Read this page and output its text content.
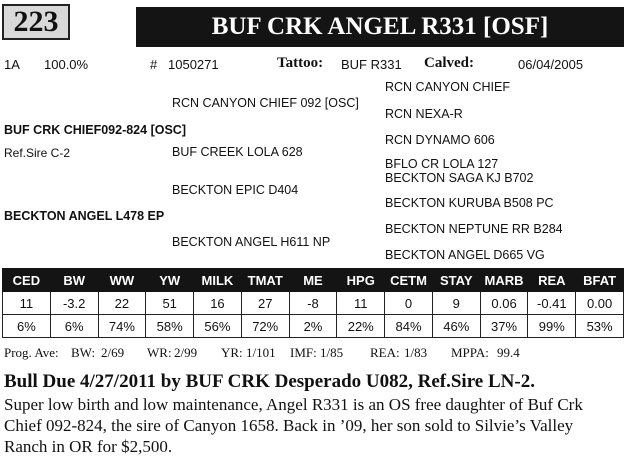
223	BUF CRK ANGEL R331 [OSF]
1A 100.0%	# 1050271	Tattoo: BUF R331 Calved:	06/04/2005
RCN CANYON CHIEF
RCN CANYON CHIEF 092 [OSC]
RCN NEXA-R
BUF CRK CHIEF092-824 [OSC]
RCN DYNAMO 606
Ref.Sire C-2	BUF CREEK LOLA 628
BFLO CR LOLA 127
BECKTON SAGA KJ B702
BECKTON EPIC D404
BECKTON KURUBA B508 PC
BECKTON ANGEL L478 EP
BECKTON NEPTUNE RR B284
BECKTON ANGEL H611 NP
BECKTON ANGEL D665 VG
CED	BW	WW	YW	MILK	TMAT	ME	HPG	CETM	STAY	MARB	REA	BFAT
11	-3.2	22	51	16	27	-8	11	0	9	0.06	-0.41	0.00
6%	6%	74%	58%	56%	72%	2%	22%	84%	46%	37%	99%	53%
Prog. Ave: BW: 2/69 WR: 2/99 YR: 1/101 IMF: 1/85 REA: 1/83 MPPA: 99.4
Bull Due 4/27/2011 by BUF CRK Desperado U082, Ref.Sire LN-2.
Super low birth and low maintenance, Angel R331 is an OS free daughter of Buf Crk Chief 092-824, the sire of Canyon 1658. Back in ’09, her son sold to Silvie’s Valley Ranch in OR for $2,500.
